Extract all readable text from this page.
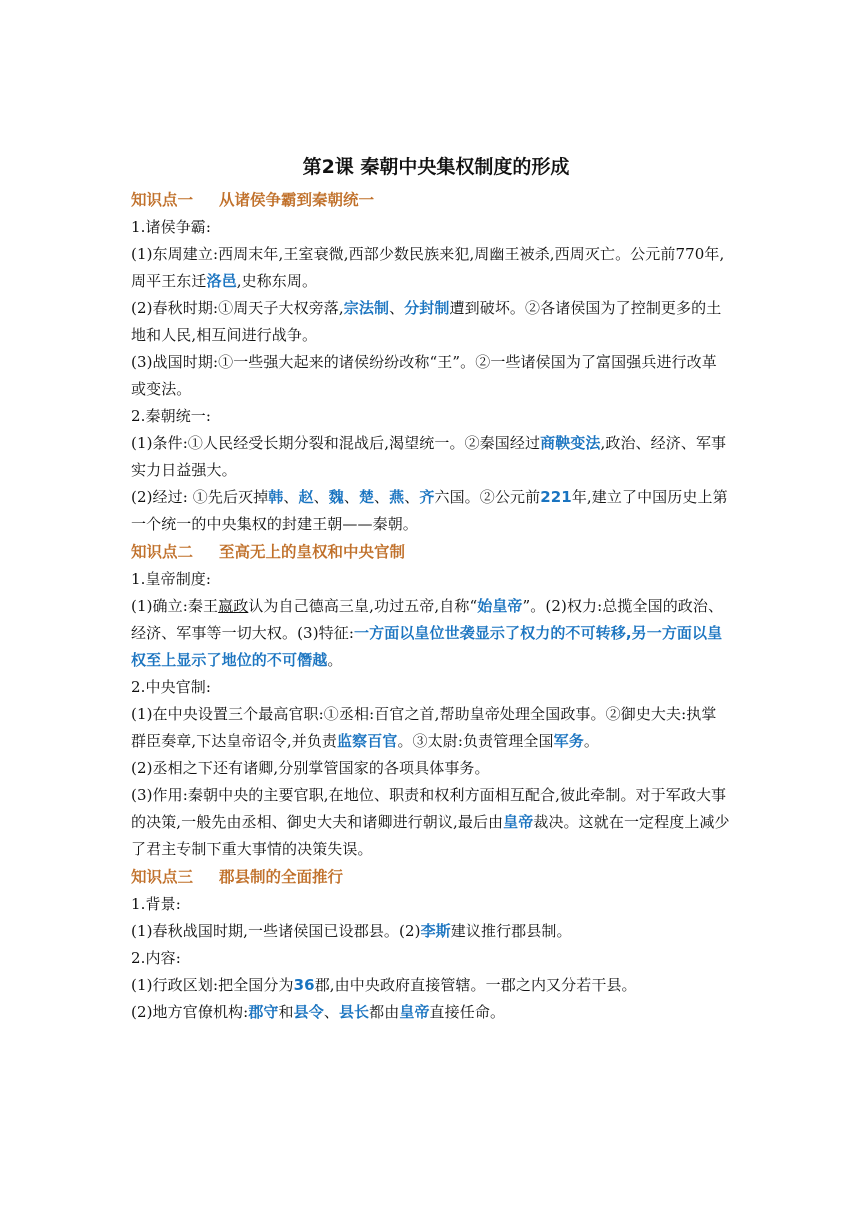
第2课 秦朝中央集权制度的形成
知识点一 从诸侯争霸到秦朝统一
1.诸侯争霸:
(1)东周建立:西周末年,王室衰微,西部少数民族来犯,周幽王被杀,西周灭亡。公元前770年,周平王东迁洛邑,史称东周。
(2)春秋时期:①周天子大权旁落,宗法制、分封制遭到破坏。②各诸侯国为了控制更多的土地和人民,相互间进行战争。
(3)战国时期:①一些强大起来的诸侯纷纷改称“王”。②一些诸侯国为了富国强兵进行改革或变法。
2.秦朝统一:
(1)条件:①人民经受长期分裂和混战后,渴望统一。②秦国经过商鞅变法,政治、经济、军事实力日益强大。
(2)经过: ①先后灭掉韩、赵、魏、楚、燕、齐六国。②公元前221年,建立了中国历史上第一个统一的中央集权的封建王朝——秦朝。
知识点二 至高无上的皇权和中央官制
1.皇帝制度:
(1)确立:秦王嬴政认为自己德高三皇,功过五帝,自称“始皇帝”。(2)权力:总揽全国的政治、经济、军事等一切大权。(3)特征:一方面以皇位世袭显示了权力的不可转移,另一方面以皇权至上显示了地位的不可僭越。
2.中央官制:
(1)在中央设置三个最高官职:①丞相:百官之首,帮助皇帝处理全国政事。②御史大夫:执掌群臣奏章,下达皇帝诏令,并负责监察百官。③太尉:负责管理全国军务。
(2)丞相之下还有诸卿,分别掌管国家的各项具体事务。
(3)作用:秦朝中央的主要官职,在地位、职责和权利方面相互配合,彼此牵制。对于军政大事的决策,一般先由丞相、御史大夫和诸卿进行朝议,最后由皇帝裁决。这就在一定程度上减少了君主专制下重大事情的决策失误。
知识点三 郡县制的全面推行
1.背景:
(1)春秋战国时期,一些诸侯国已设郡县。(2)李斯建议推行郡县制。
2.内容:
(1)行政区划:把全国分为36郡,由中央政府直接管辖。一郡之内又分若干县。
(2)地方官僚机构:郡守和县令、县长都由皇帝直接任命。
